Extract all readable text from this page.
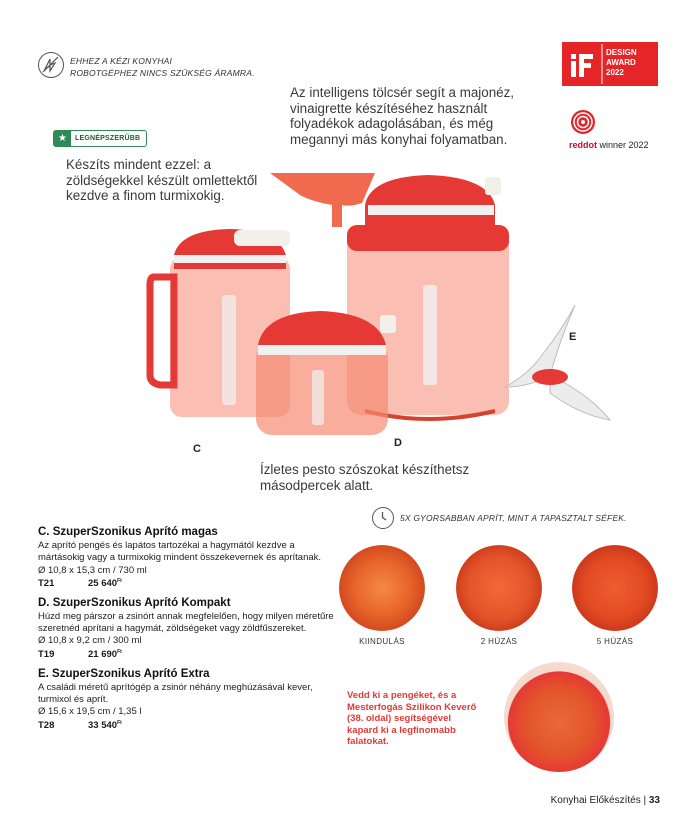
EHHEZ A KÉZI KONYHAI
ROBOTGÉPHEZ NINCS SZÜKSÉG ÁRAMRA.
DESIGN
AWARD
2022
reddot winner 2022
Az intelligens tölcsér segít a majonéz, vinaigrette készítéséhez használt folyadékok adagolásában, és még megannyi más konyhai folyamatban.
★	LEGNÉPSZERŰBB
Készíts mindent ezzel: a zöldségekkel készült omlettektől kezdve a finom turmixokig.
C	D
E
Ízletes pesto szószokat készíthetsz másodpercek alatt.
C. SzuperSzonikus Aprító magas

Az aprító pengés és lapátos tartozékai a hagymától kezdve a mártásokig vagy a turmixokig mindent összekevernek és aprítanak.

Ø 10,8 x 15,3 cm / 730 ml

T21	25 $640^{Ft}$
D. SzuperSzonikus Aprító Kompakt

Húzd meg párszor a zsinórt annak megfelelően, hogy milyen méretűre szeretnéd aprítani a hagymát, zöldségeket vagy zöldfűszereket.

Ø 10,8 x 9,2 cm / 300 ml

T19	21 $690^{Ft}$
E. SzuperSzonikus Aprító Extra

A családi méretű aprítógép a zsinór néhány meghúzásával kever, turmixol és aprít.

Ø 15,6 x 19,5 cm / 1,35 l

T28	33 $540^{Ft}$
5X GYORSABBAN APRÍT, MINT A TAPASZTALT SÉFEK.
KIINDULÁS	2 HÚZÁS	5 HÚZÁS
Vedd ki a pengéket, és a Mesterfogás Szilikon Keverő (38. oldal) segítségével kapard ki a legfinomabb falatokat.
Konyhai Előkészítés | 33
